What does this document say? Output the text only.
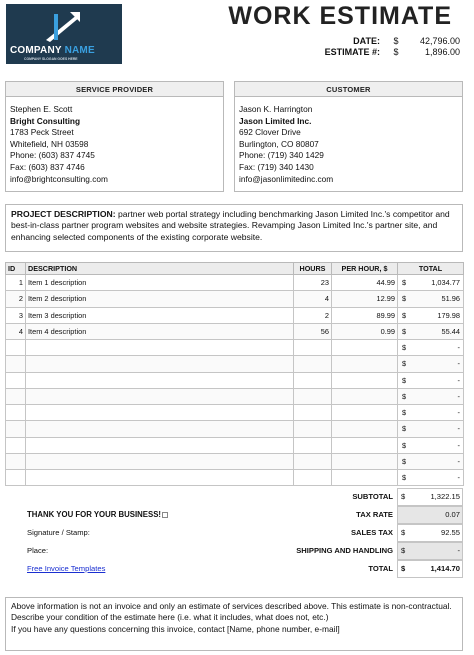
COMPANY NAME
COMPANY SLOGAN GOES HERE
WORK ESTIMATE
DATE:	$	42,796.00
ESTIMATE #:	$	1,896.00
SERVICE PROVIDER
Stephen E. Scott
Bright Consulting
1783 Peck Street
Whitefield, NH 03598
Phone: (603) 837 4745
Fax: (603) 837 4746
info@brightconsulting.com
CUSTOMER
Jason K. Harrington
Jason Limited Inc.
692 Clover Drive
Burlington, CO 80807
Phone: (719) 340 1429
Fax: (719) 340 1430
info@jasonlimitedinc.com
PROJECT DESCRIPTION: partner web portal strategy including benchmarking Jason Limited Inc.'s competitor and best-in-class partner program websites and website strategies. Revamping Jason Limited Inc.'s partner site, and enhancing selected components of the existing corporate website.
ID	DESCRIPTION	HOURS	PER HOUR, $	TOTAL
1	Item 1 description	23	44.99	$ 1,034.77

2	Item 2 description	4	12.99	$ 51.96

3	Item 3 description	2	89.99	$ 179.98

4	Item 4 description	56	0.99	$ 55.44

				$ -

				$ -

				$ -

				$ -

				$ -

				$ -

				$ -

				$ -

				$ -
SUBTOTAL $	1,322.15
THANK YOU FOR YOUR BUSINESS!	TAX RATE	0.07
Signature / Stamp:	SALES TAX $	92.55
Place:	SHIPPING AND HANDLING $	-
Free Invoice Templates	TOTAL $	1,414.70
Above information is not an invoice and only an estimate of services described above. This estimate is non-contractual.
Describe your condition of the estimate here (i.e. what it includes, what does not, etc.)
If you have any questions concerning this invoice, contact [Name, phone number, e-mail]
